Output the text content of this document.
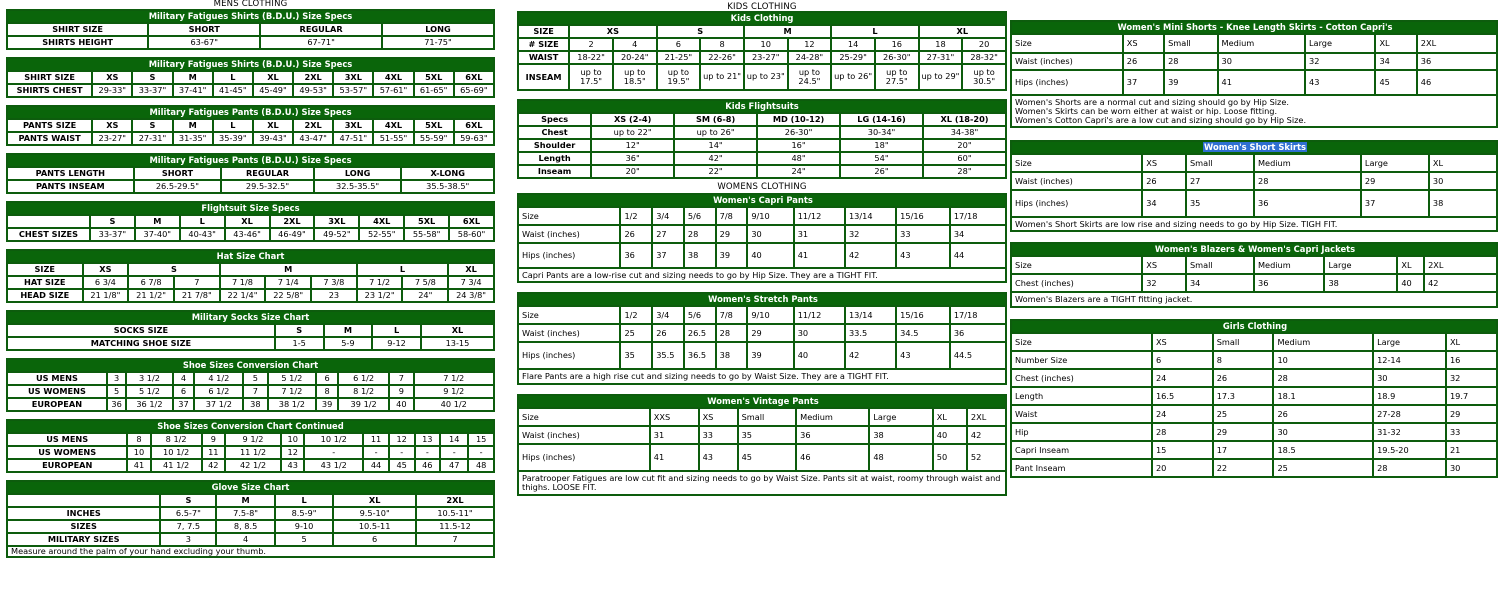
MENS CLOTHING
Military Fatigues Shirts (B.D.U.) Size Specs			
SHIRT SIZE	SHORT	REGULAR	LONG
SHIRTS HEIGHT	63-67"	67-71"	71-75"
Military Fatigues Shirts (B.D.U.) Size Specs										
SHIRT SIZE	XS	S	M	L	XL	2XL	3XL	4XL	5XL	6XL
SHIRTS CHEST	29-33"	33-37"	37-41"	41-45"	45-49"	49-53"	53-57"	57-61"	61-65"	65-69"
Military Fatigues Pants (B.D.U.) Size Specs										
PANTS SIZE	XS	S	M	L	XL	2XL	3XL	4XL	5XL	6XL
PANTS WAIST	23-27"	27-31"	31-35"	35-39"	39-43"	43-47"	47-51"	51-55"	55-59"	59-63"
Military Fatigues Pants (B.D.U.) Size Specs				
PANTS LENGTH	SHORT	REGULAR	LONG	X-LONG
PANTS INSEAM	26.5-29.5"	29.5-32.5"	32.5-35.5"	35.5-38.5"
Flightsuit Size Specs									
	S	M	L	XL	2XL	3XL	4XL	5XL	6XL
CHEST SIZES	33-37"	37-40"	40-43"	43-46"	46-49"	49-52"	52-55"	55-58"	58-60"
Hat Size Chart									
SIZE	XS	S		M			L		XL
HAT SIZE	6 3/4	6 7/8	7	7 1/8	7 1/4	7 3/8	7 1/2	7 5/8	7 3/4
HEAD SIZE	21 1/8"	21 1/2"	21 7/8"	22 1/4"	22 5/8"	23	23 1/2"	24"	24 3/8"
Military Socks Size Chart				
SOCKS SIZE	S	M	L	XL
MATCHING SHOE SIZE	1-5	5-9	9-12	13-15
Shoe Sizes Conversion Chart										
US MENS	3	3 1/2	4	4 1/2	5	5 1/2	6	6 1/2	7	7 1/2
US WOMENS	5	5 1/2	6	6 1/2	7	7 1/2	8	8 1/2	9	9 1/2
EUROPEAN	36	36 1/2	37	37 1/2	38	38 1/2	39	39 1/2	40	40 1/2
Shoe Sizes Conversion Chart Continued											
US MENS	8	8 1/2	9	9 1/2	10	10 1/2	11	12	13	14	15
US WOMENS	10	10 1/2	11	11 1/2	12	-	-	-	-	-	-
EUROPEAN	41	41 1/2	42	42 1/2	43	43 1/2	44	45	46	47	48
Glove Size Chart					
	S	M	L	XL	2XL
INCHES	6.5-7"	7.5-8"	8.5-9"	9.5-10"	10.5-11"
SIZES	7, 7.5	8, 8.5	9-10	10.5-11	11.5-12
MILITARY SIZES	3	4	5	6	7
Measure around the palm of your hand excluding your thumb.					
KIDS CLOTHING
Kids Clothing										
SIZE	XS		S		M		L		XL	
# SIZE	2	4	6	8	10	12	14	16	18	20
WAIST	18-22"	20-24"	21-25"	22-26"	23-27"	24-28"	25-29"	26-30"	27-31"	28-32"
INSEAM	up to 17.5"	up to 18.5"	up to 19.5"	up to 21"	up to 23"	up to 24.5"	up to 26"	up to 27.5"	up to 29"	up to 30.5"
Kids Flightsuits					
Specs	XS (2-4)	SM (6-8)	MD (10-12)	LG (14-16)	XL (18-20)
Chest	up to 22"	up to 26"	26-30"	30-34"	34-38"
Shoulder	12"	14"	16"	18"	20"
Length	36"	42"	48"	54"	60"
Inseam	20"	22"	24"	26"	28"
WOMENS CLOTHING
Women's Capri Pants									
Size	1/2	3/4	5/6	7/8	9/10	11/12	13/14	15/16	17/18
Waist (inches)	26	27	28	29	30	31	32	33	34
Hips (inches)	36	37	38	39	40	41	42	43	44
Capri Pants are a low-rise cut and sizing needs to go by Hip Size. They are a TIGHT FIT.									
Women's Stretch Pants									
Size	1/2	3/4	5/6	7/8	9/10	11/12	13/14	15/16	17/18
Waist (inches)	25	26	26.5	28	29	30	33.5	34.5	36
Hips (inches)	35	35.5	36.5	38	39	40	42	43	44.5
Flare Pants are a high rise cut and sizing needs to go by Waist Size. They are a TIGHT FIT.									
Women's Vintage Pants							
Size	XXS	XS	Small	Medium	Large	XL	2XL
Waist (inches)	31	33	35	36	38	40	42
Hips (inches)	41	43	45	46	48	50	52
Paratrooper Fatigues are low cut fit and sizing needs to go by Waist Size. Pants sit at waist, roomy through waist and thighs. LOOSE FIT.							
Women's Mini Shorts - Knee Length Skirts - Cotton Capri's						
Size	XS	Small	Medium	Large	XL	2XL
Waist (inches)	26	28	30	32	34	36
Hips (inches)	37	39	41	43	45	46

Women's Shorts are a normal cut and sizing should go by Hip Size.
Women's Skirts can be worn either at waist or hip. Loose fitting.
Women's Cotton Capri's are a low cut and sizing should go by Hip Size.						
Women's Short Skirts					
Size	XS	Small	Medium	Large	XL
Waist (inches)	26	27	28	29	30
Hips (inches)	34	35	36	37	38
Women's Short Skirts are low rise and sizing needs to go by Hip Size. TIGH FIT.					
Women's Blazers & Women's Capri Jackets						
Size	XS	Small	Medium	Large	XL	2XL
Chest (inches)	32	34	36	38	40	42
Women's Blazers are a TIGHT fitting jacket.						
Girls Clothing					
Size	XS	Small	Medium	Large	XL
Number Size	6	8	10	12-14	16
Chest (inches)	24	26	28	30	32
Length	16.5	17.3	18.1	18.9	19.7
Waist	24	25	26	27-28	29
Hip	28	29	30	31-32	33
Capri Inseam	15	17	18.5	19.5-20	21
Pant Inseam	20	22	25	28	30
